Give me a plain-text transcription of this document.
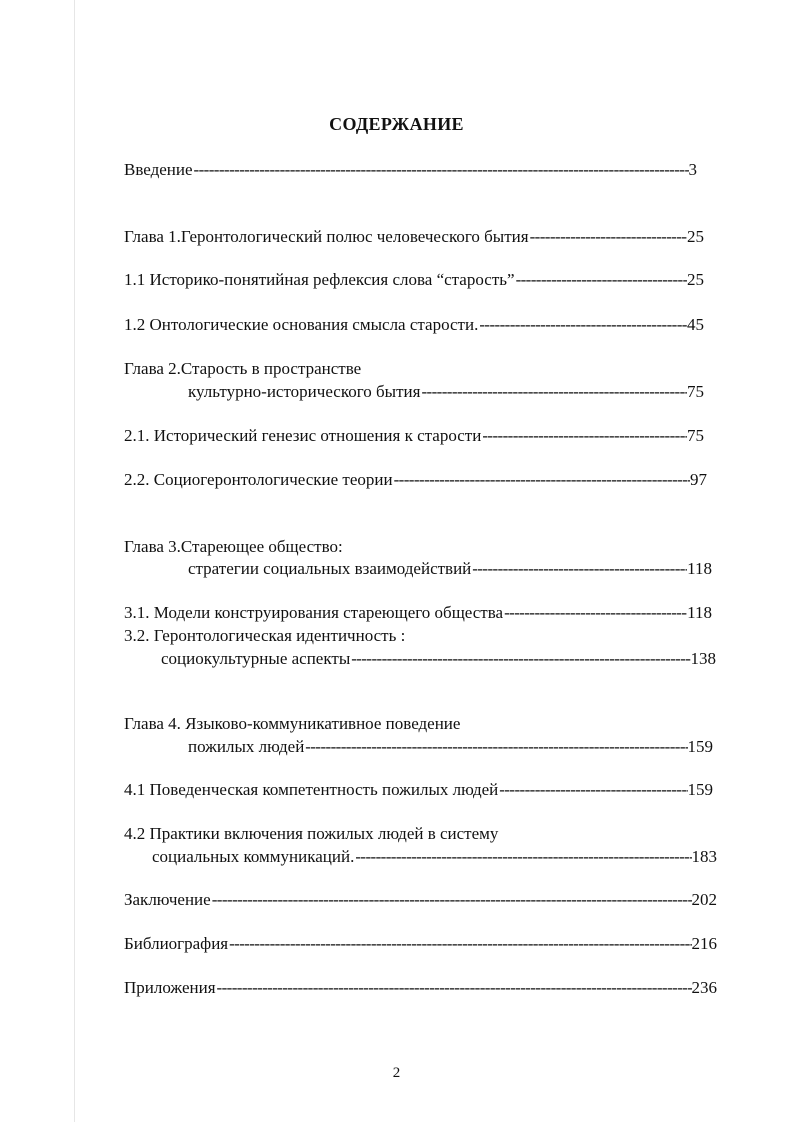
СОДЕРЖАНИЕ
Введение -----	3
Глава 1.Геронтологический полюс человеческого бытия -----	25
1.1 Историко-понятийная рефлексия слова “старость” -----	25
1.2 Онтологические основания смысла старости. -----	45
Глава 2.Старость в пространстве
культурно-исторического бытия -----	75
2.1. Исторический генезис отношения к старости -----	75
2.2. Социогеронтологические теории -----	97
Глава 3.Стареющее общество:
стратегии социальных взаимодействий -----	118
3.1. Модели конструирования стареющего общества -----	118
3.2. Геронтологическая идентичность :
социокультурные аспекты -----	138
Глава 4. Языково-коммуникативное поведение
пожилых людей -----	159
4.1 Поведенческая компетентность пожилых людей -----	159
4.2 Практики включения пожилых людей в систему
социальных коммуникаций. -----	183
Заключение -----	202
Библиография -----	216
Приложения -----	236
2
